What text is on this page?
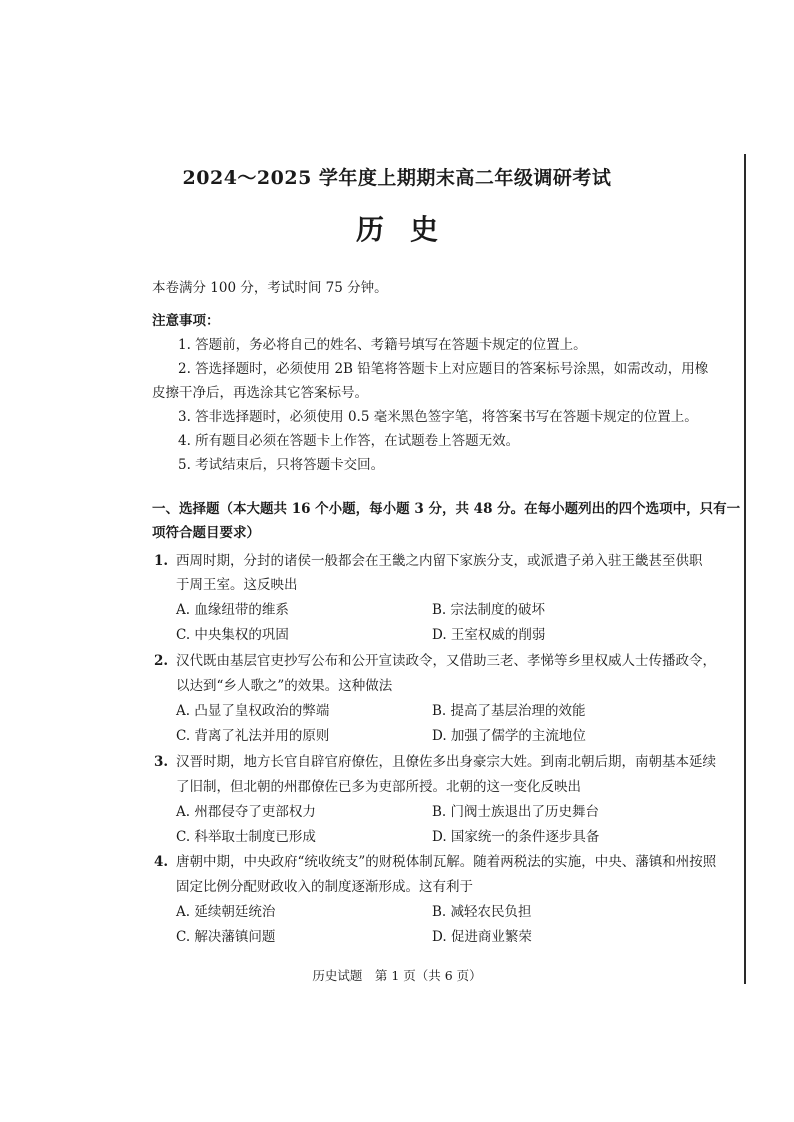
2024～2025 学年度上期期末高二年级调研考试
历史
本卷满分 100 分，考试时间 75 分钟。
注意事项：
1. 答题前，务必将自己的姓名、考籍号填写在答题卡规定的位置上。
2. 答选择题时，必须使用 2B 铅笔将答题卡上对应题目的答案标号涂黑，如需改动，用橡
皮擦干净后，再选涂其它答案标号。
3. 答非选择题时，必须使用 0.5 毫米黑色签字笔，将答案书写在答题卡规定的位置上。
4. 所有题目必须在答题卡上作答，在试题卷上答题无效。
5. 考试结束后，只将答题卡交回。
一、选择题（本大题共 16 个小题，每小题 3 分，共 48 分。在每小题列出的四个选项中，只有一
项符合题目要求）
1. 西周时期，分封的诸侯一般都会在王畿之内留下家族分支，或派遣子弟入驻王畿甚至供职
于周王室。这反映出
A. 血缘纽带的维系	B. 宗法制度的破坏
C. 中央集权的巩固	D. 王室权威的削弱
2. 汉代既由基层官吏抄写公布和公开宣读政令，又借助三老、孝悌等乡里权威人士传播政令，
以达到“乡人歌之”的效果。这种做法
A. 凸显了皇权政治的弊端	B. 提高了基层治理的效能
C. 背离了礼法并用的原则	D. 加强了儒学的主流地位
3. 汉晋时期，地方长官自辟官府僚佐，且僚佐多出身豪宗大姓。到南北朝后期，南朝基本延续
了旧制，但北朝的州郡僚佐已多为吏部所授。北朝的这一变化反映出
A. 州郡侵夺了吏部权力	B. 门阀士族退出了历史舞台
C. 科举取士制度已形成	D. 国家统一的条件逐步具备
4. 唐朝中期，中央政府“统收统支”的财税体制瓦解。随着两税法的实施，中央、藩镇和州按照
固定比例分配财政收入的制度逐渐形成。这有利于
A. 延续朝廷统治	B. 减轻农民负担
C. 解决藩镇问题	D. 促进商业繁荣
历史试题　第 1 页（共 6 页）
